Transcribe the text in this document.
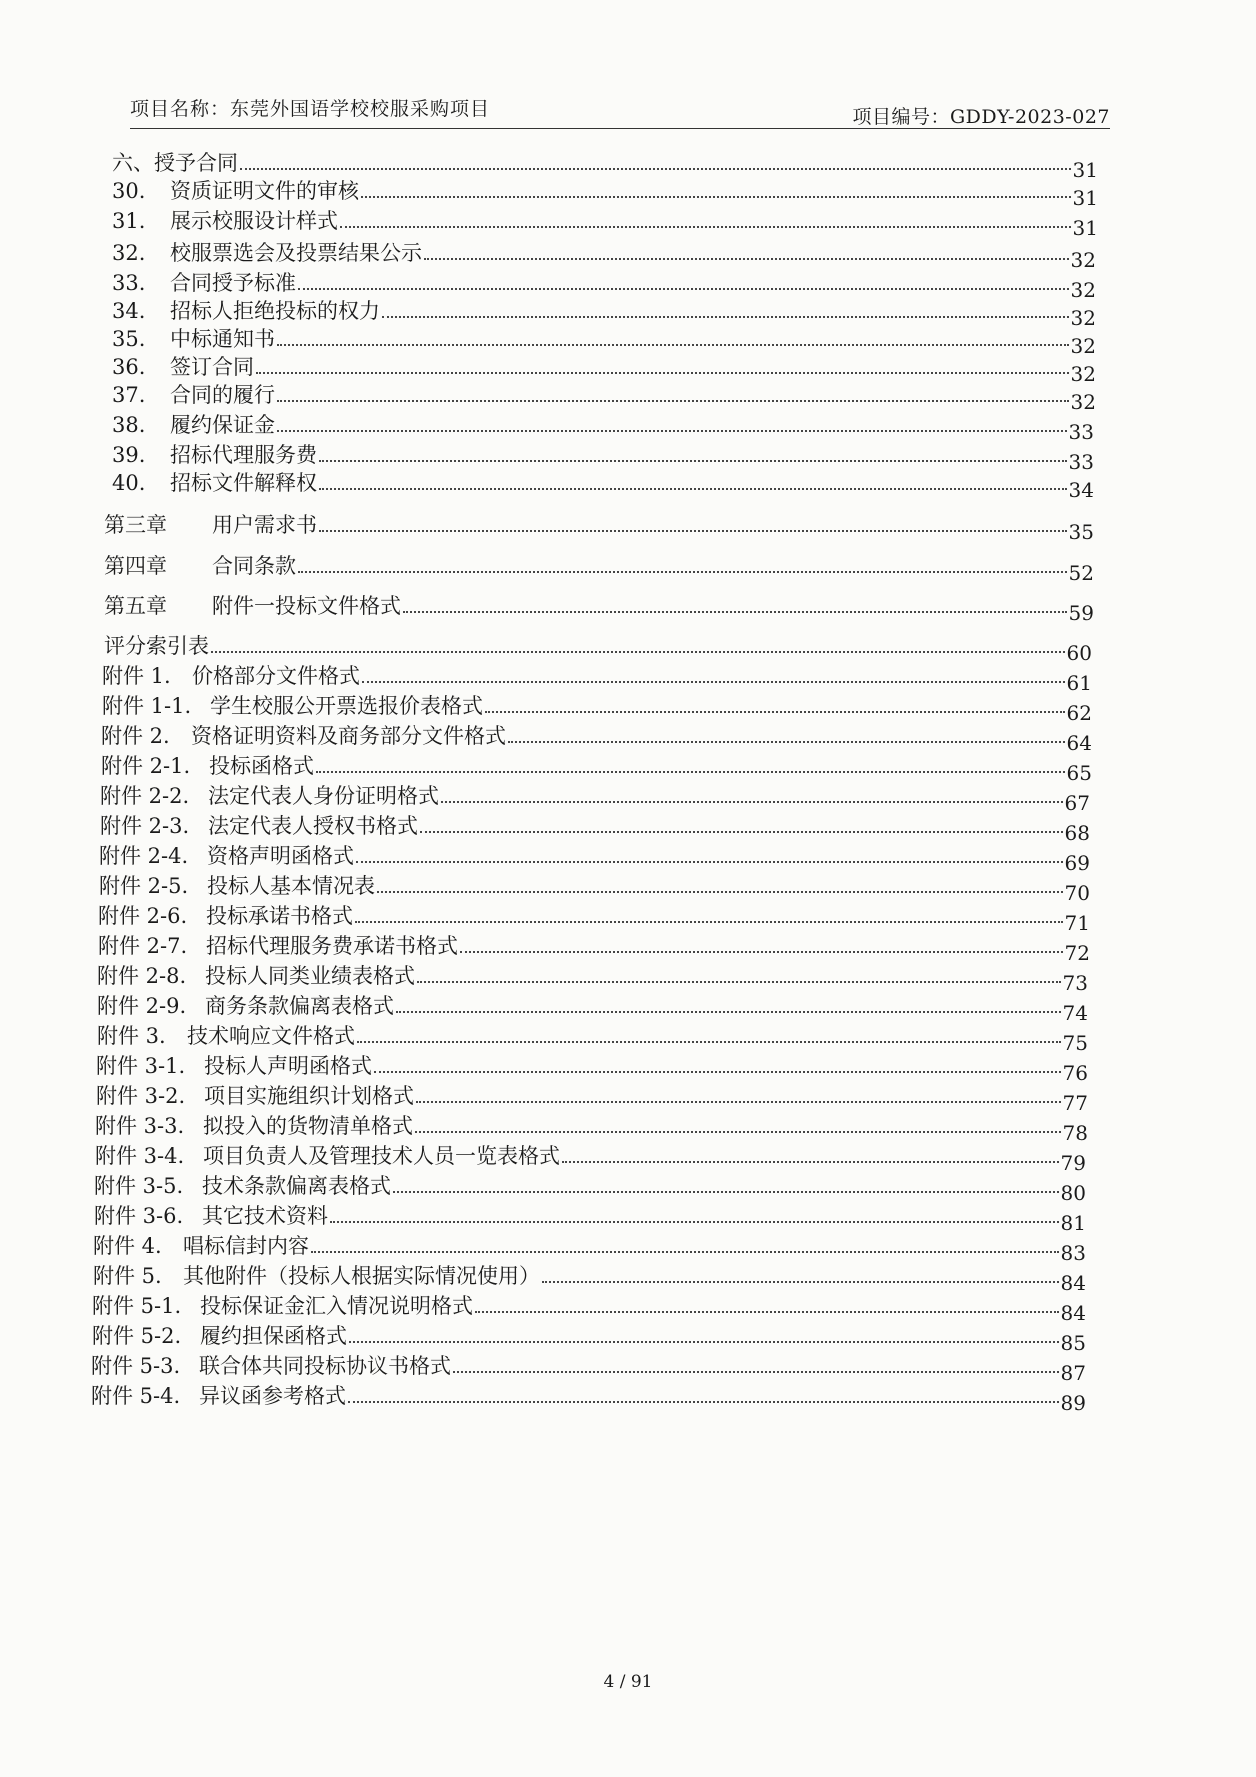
项目名称：东莞外国语学校校服采购项目	项目编号：GDDY-2023-027
六、授予合同	31
30.	资质证明文件的审核	31
31.	展示校服设计样式	31
32.	校服票选会及投票结果公示	32
33.	合同授予标准	32
34.	招标人拒绝投标的权力	32
35.	中标通知书	32
36.	签订合同	32
37.	合同的履行	32
38.	履约保证金	33
39.	招标代理服务费	33
40.	招标文件解释权	34
第三章	用户需求书	35
第四章	合同条款	52
第五章	附件一投标文件格式	59
评分索引表	60
附件 1.	价格部分文件格式	61
附件 1-1. 学生校服公开票选报价表格式	62
附件 2.	资格证明资料及商务部分文件格式	64
附件 2-1. 投标函格式	65
附件 2-2. 法定代表人身份证明格式	67
附件 2-3. 法定代表人授权书格式	68
附件 2-4. 资格声明函格式	69
附件 2-5. 投标人基本情况表	70
附件 2-6. 投标承诺书格式	71
附件 2-7. 招标代理服务费承诺书格式	72
附件 2-8. 投标人同类业绩表格式	73
附件 2-9. 商务条款偏离表格式	74
附件 3.	技术响应文件格式	75
附件 3-1. 投标人声明函格式	76
附件 3-2. 项目实施组织计划格式	77
附件 3-3. 拟投入的货物清单格式	78
附件 3-4. 项目负责人及管理技术人员一览表格式	79
附件 3-5. 技术条款偏离表格式	80
附件 3-6. 其它技术资料	81
附件 4.	唱标信封内容	83
附件 5.	其他附件（投标人根据实际情况使用）	84
附件 5-1. 投标保证金汇入情况说明格式	84
附件 5-2. 履约担保函格式	85
附件 5-3. 联合体共同投标协议书格式	87
附件 5-4. 异议函参考格式	89
4 / 91
